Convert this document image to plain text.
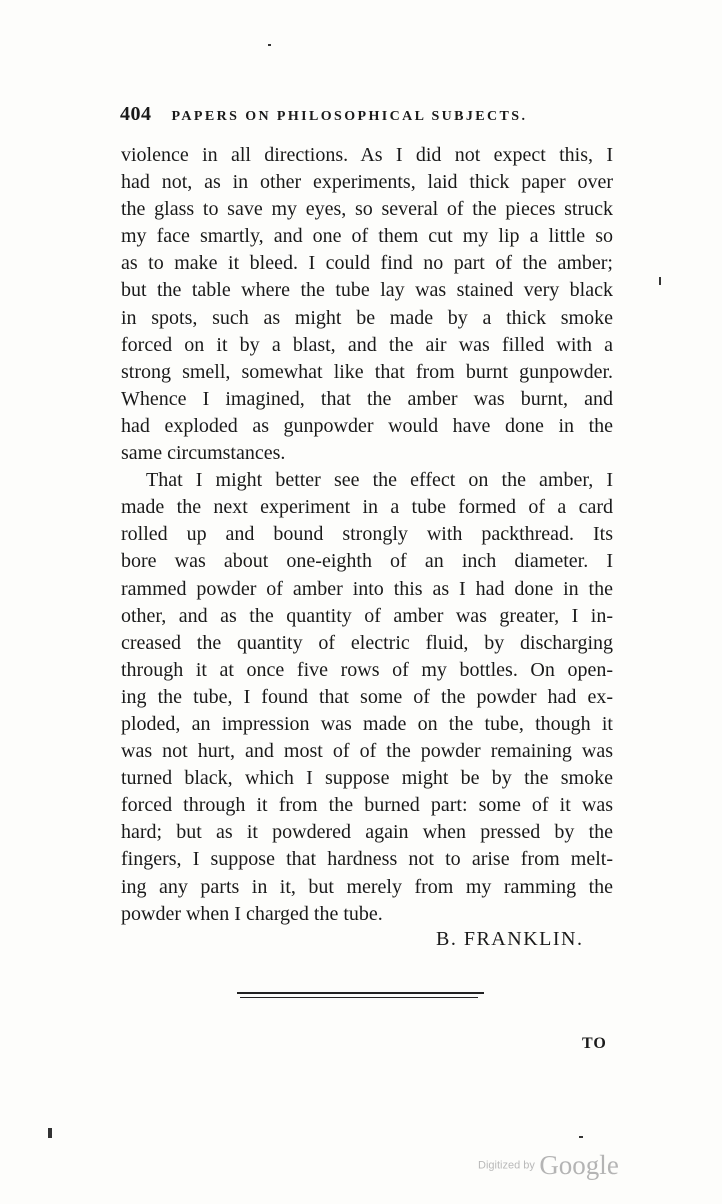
404 PAPERS ON PHILOSOPHICAL SUBJECTS.
violence in all directions. As I did not expect this, I
had not, as in other experiments, laid thick paper over
the glass to save my eyes, so several of the pieces struck
my face smartly, and one of them cut my lip a little so
as to make it bleed. I could find no part of the amber;
but the table where the tube lay was stained very black
in spots, such as might be made by a thick smoke
forced on it by a blast, and the air was filled with a
strong smell, somewhat like that from burnt gunpowder.
Whence I imagined, that the amber was burnt, and
had exploded as gunpowder would have done in the
same circumstances.
That I might better see the effect on the amber, I
made the next experiment in a tube formed of a card
rolled up and bound strongly with packthread. Its
bore was about one-eighth of an inch diameter. I
rammed powder of amber into this as I had done in the
other, and as the quantity of amber was greater, I in-
creased the quantity of electric fluid, by discharging
through it at once five rows of my bottles. On open-
ing the tube, I found that some of the powder had ex-
ploded, an impression was made on the tube, though it
was not hurt, and most of of the powder remaining was
turned black, which I suppose might be by the smoke
forced through it from the burned part: some of it was
hard; but as it powdered again when pressed by the
fingers, I suppose that hardness not to arise from melt-
ing any parts in it, but merely from my ramming the
powder when I charged the tube.
B. FRANKLIN.
TO
Digitized by Google
